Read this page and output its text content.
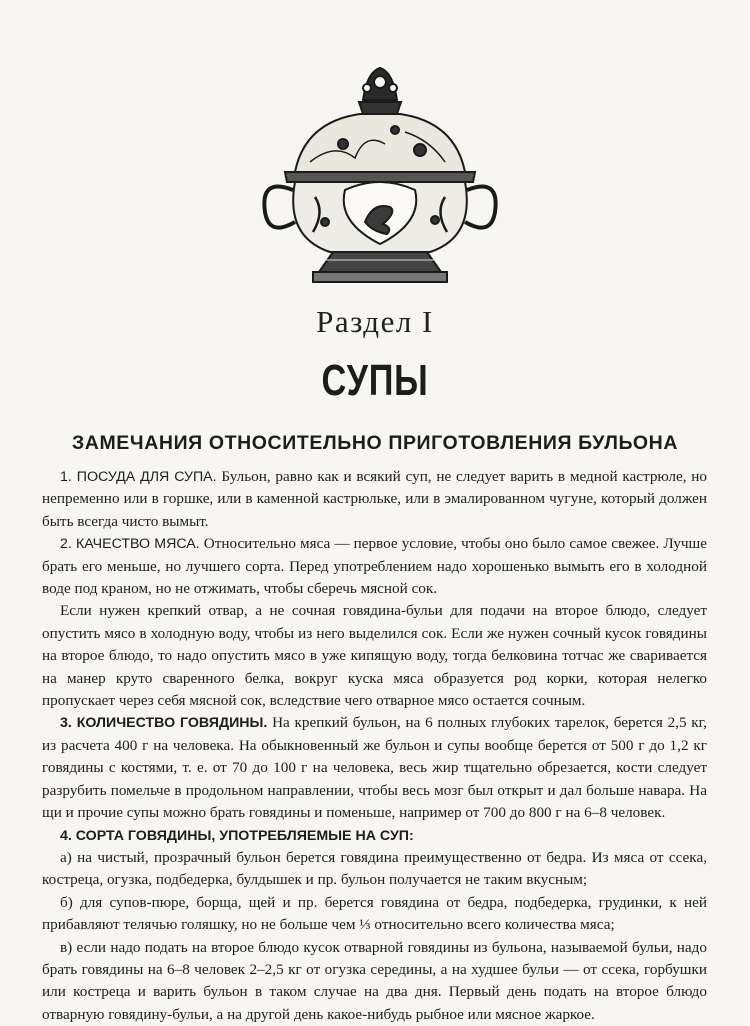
Раздел I
СУПЫ
ЗАМЕЧАНИЯ ОТНОСИТЕЛЬНО ПРИГОТОВЛЕНИЯ БУЛЬОНА

1. ПОСУДА ДЛЯ СУПА. Бульон, равно как и всякий суп, не следует варить в медной кастрюле, но непременно или в горшке, или в каменной кастрюльке, или в эмалированном чугуне, который должен быть всегда чисто вымыт.

2. КАЧЕСТВО МЯСА. Относительно мяса — первое условие, чтобы оно было самое свежее. Лучше брать его меньше, но лучшего сорта. Перед употреблением надо хорошенько вымыть его в холодной воде под краном, но не отжимать, чтобы сберечь мясной сок.

Если нужен крепкий отвар, а не сочная говядина-бульи для подачи на второе блюдо, следует опустить мясо в холодную воду, чтобы из него выделился сок. Если же нужен сочный кусок говядины на второе блюдо, то надо опустить мясо в уже кипящую воду, тогда белковина тотчас же сваривается на манер круто сваренного белка, вокруг куска мяса образуется род корки, которая нелегко пропускает через себя мясной сок, вследствие чего отварное мясо остается сочным.

3. КОЛИЧЕСТВО ГОВЯДИНЫ. На крепкий бульон, на 6 полных глубоких тарелок, берется 2,5 кг, из расчета 400 г на человека. На обыкновенный же бульон и супы вообще берется от 500 г до 1,2 кг говядины с костями, т. е. от 70 до 100 г на человека, весь жир тщательно обрезается, кости следует разрубить помельче в продольном направлении, чтобы весь мозг был открыт и дал больше навара. На щи и прочие супы можно брать говядины и поменьше, например от 700 до 800 г на 6–8 человек.

4. СОРТА ГОВЯДИНЫ, УПОТРЕБЛЯЕМЫЕ НА СУП:

а) на чистый, прозрачный бульон берется говядина преимущественно от бедра. Из мяса от ссека, костреца, огузка, подбедерка, булдышек и пр. бульон получается не таким вкусным;

б) для супов-пюре, борща, щей и пр. берется говядина от бедра, подбедерка, грудинки, к ней прибавляют телячью голяшку, но не больше чем ⅓ относительно всего количества мяса;

в) если надо подать на второе блюдо кусок отварной говядины из бульона, называемой бульи, надо брать говядины на 6–8 человек 2–2,5 кг от огузка середины, а на худшее бульи — от ссека, горбушки или костреца и варить бульон в таком случае на два дня. Первый день подать на второе блюдо отварную говядину-бульи, а на другой день какое-нибудь рыбное или мясное жаркое.
